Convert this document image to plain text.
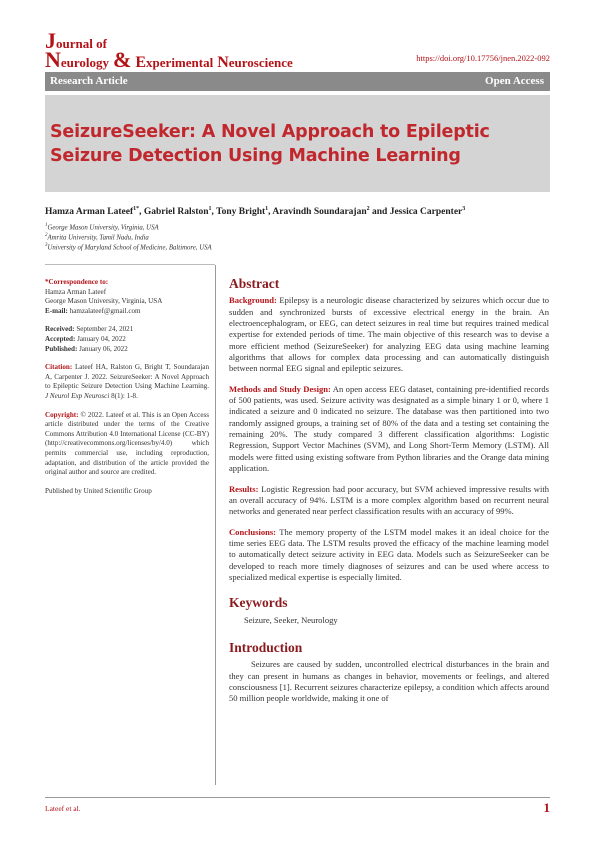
Journal of
Neurology & Experimental Neuroscience	https://doi.org/10.17756/jnen.2022-092
Research Article	Open Access
SeizureSeeker: A Novel Approach to Epileptic Seizure Detection Using Machine Learning
Hamza Arman Lateef$^{1*}$, Gabriel Ralston$^1$, Tony Bright$^1$, Aravindh Soundarajan$^2$ and Jessica Carpenter$^3$
$^1$George Mason University, Virginia, USA
$^2$Amrita University, Tamil Nadu, India
$^3$University of Maryland School of Medicine, Baltimore, USA
*Correspondence to:
Hamza Arman Lateef
George Mason University, Virginia, USA
E-mail: hamzalateef@gmail.com
Received: September 24, 2021
Accepted: January 04, 2022
Published: January 06, 2022
Citation: Lateef HA, Ralston G, Bright T, Soundarajan A, Carpenter J. 2022. SeizureSeeker: A Novel Approach to Epileptic Seizure Detection Using Machine Learning. J Neurol Exp Neurosci 8(1): 1-8.
Copyright: © 2022. Lateef et al. This is an Open Access article distributed under the terms of the Creative Commons Attribution 4.0 International License (CC-BY) (http://creativecommons.org/licenses/by/4.0) which permits commercial use, including reproduction, adaptation, and distribution of the article provided the original author and source are credited.
Published by United Scientific Group
Abstract

Background: Epilepsy is a neurologic disease characterized by seizures which occur due to sudden and synchronized bursts of excessive electrical energy in the brain. An electroencephalogram, or EEG, can detect seizures in real time but requires trained medical expertise for extended periods of time. The main objective of this research was to devise a more efficient method (SeizureSeeker) for analyzing EEG data using machine learning algorithms that allows for complex data processing and can automatically distinguish between normal EEG signal and epileptic seizures.

Methods and Study Design: An open access EEG dataset, containing pre-identified records of 500 patients, was used. Seizure activity was designated as a simple binary 1 or 0, where 1 indicated a seizure and 0 indicated no seizure. The database was then partitioned into two randomly assigned groups, a training set of 80% of the data and a testing set containing the remaining 20%. The study compared 3 different classification algorithms: Logistic Regression, Support Vector Machines (SVM), and Long Short-Term Memory (LSTM). All models were fitted using existing software from Python libraries and the Orange data mining application.

Results: Logistic Regression had poor accuracy, but SVM achieved impressive results with an overall accuracy of 94%. LSTM is a more complex algorithm based on recurrent neural networks and generated near perfect classification results with an accuracy of 99%.

Conclusions: The memory property of the LSTM model makes it an ideal choice for the time series EEG data. The LSTM results proved the efficacy of the machine learning model to automatically detect seizure activity in EEG data. Models such as SeizureSeeker can be developed to reach more timely diagnoses of seizures and can be used where access to specialized medical expertise is especially limited.

Keywords

Seizure, Seeker, Neurology

Introduction

Seizures are caused by sudden, uncontrolled electrical disturbances in the brain and they can present in humans as changes in behavior, movements or feelings, and altered consciousness [1]. Recurrent seizures characterize epilepsy, a condition which affects around 50 million people worldwide, making it one of

Lateef et al.	1
